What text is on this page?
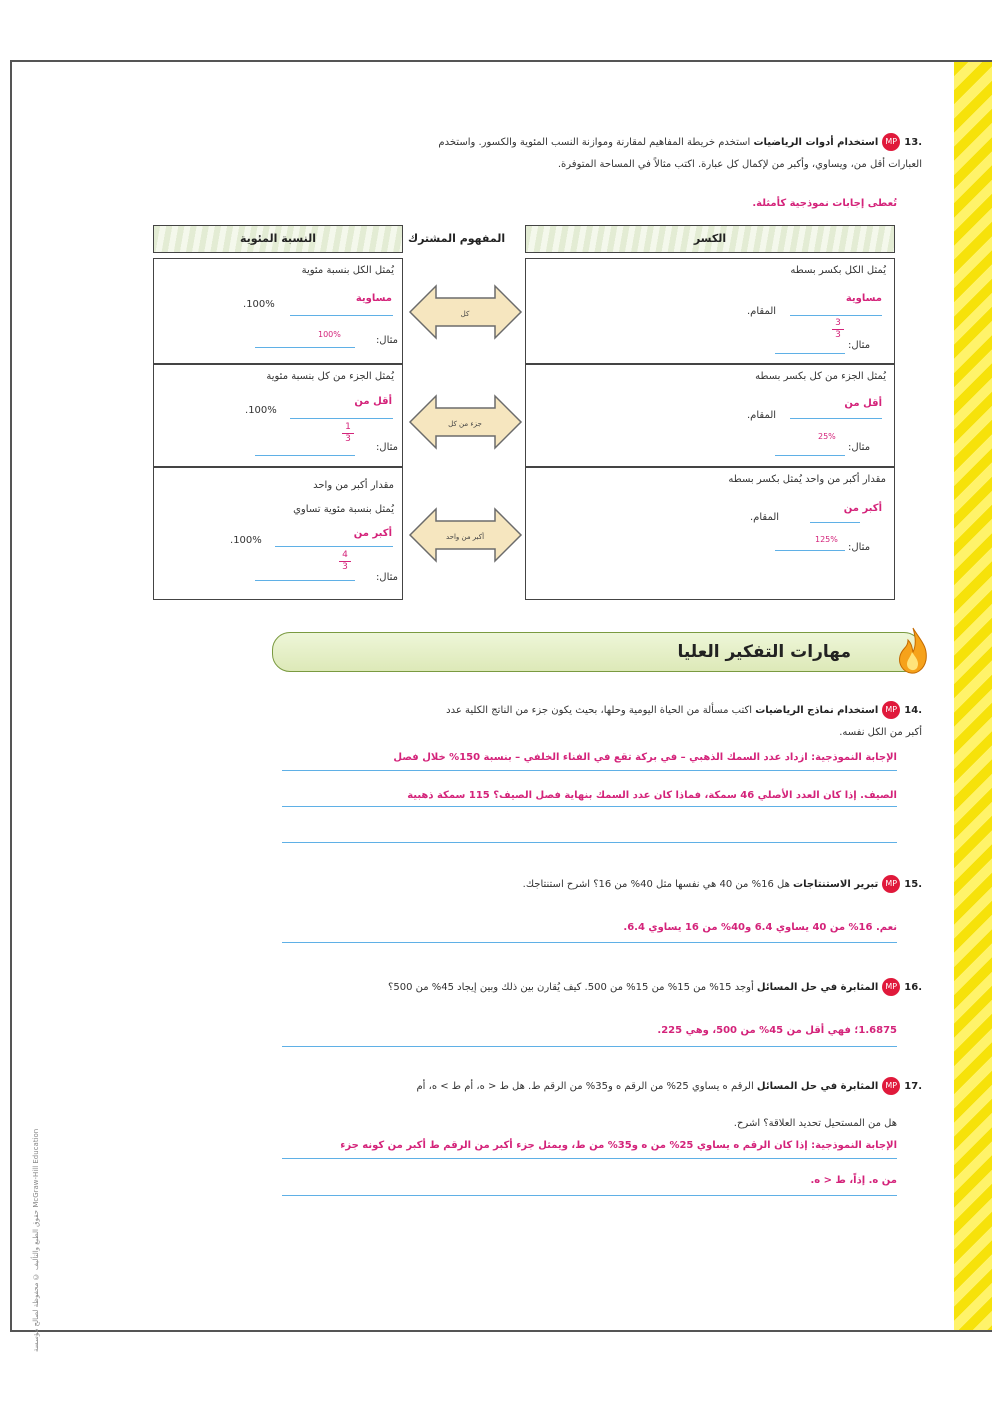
حقوق الطبع والتأليف © محفوظة لصالح مؤسسة McGraw-Hill Education
.13MPاستخدام أدوات الرياضيات استخدم خريطة المفاهيم لمقارنة وموازنة النسب المئوية والكسور. واستخدم
العبارات أقل من، ويساوي، وأكبر من لإكمال كل عبارة. اكتب مثالاً في المساحة المتوفرة.
تُعطى إجابات نموذجية كأمثلة.
النسبة المئوية	المفهوم المشترك	الكسر
يُمثل الكل بنسبة مئوية
مساوية
100%.
100%
مثال:
يُمثل الكل بكسر بسطه
مساوية
المقام.
مثال:
3
3
يُمثل الجزء من كل بنسبة مئوية
أقل من
100%.
1
3
مثال:
يُمثل الجزء من كل بكسر بسطه
أقل من
المقام.
25%
مثال:
مقدار أكبر من واحد
يُمثل بنسبة مئوية تساوي
أكبر من
100%.
4
3
مثال:
مقدار أكبر من واحد يُمثل بكسر بسطه
أكبر من
المقام.
125%
مثال:
كل
جزء من كل
أكبر من واحد
مهارات التفكير العليا
.14MPاستخدام نماذج الرياضيات اكتب مسألة من الحياة اليومية وحلها، بحيث يكون جزء من الناتج الكلية عدد
أكبر من الكل نفسه.
الإجابة النموذجية: ازداد عدد السمك الذهبي – في بركة تقع في الفناء الخلفي – بنسبة 150% خلال فصل
الصيف. إذا كان العدد الأصلي 46 سمكة، فماذا كان عدد السمك بنهاية فصل الصيف؟ 115 سمكة ذهبية
.15MPتبرير الاستنتاجات هل 16% من 40 هي نفسها مثل 40% من 16؟ اشرح استنتاجك.
نعم. 16% من 40 يساوي 6.4 و40% من 16 يساوي 6.4.
.16MPالمثابرة في حل المسائل أوجد 15% من 15% من 15% من 500. كيف يُقارن بين ذلك وبين إيجاد 45% من 500؟
1.6875؛ فهي أقل من 45% من 500، وهي 225.
.17MPالمثابرة في حل المسائل الرقم ه يساوي 25% من الرقم ه و35% من الرقم ط. هل ط < ه، أم ط > ه، أم
هل من المستحيل تحديد العلاقة؟ اشرح.
الإجابة النموذجية: إذا كان الرقم ه يساوي 25% من ه و35% من ط، ويمثل جزء أكبر من الرقم ط أكبر من كونه جزء
من ه. إذاً، ط < ه.
